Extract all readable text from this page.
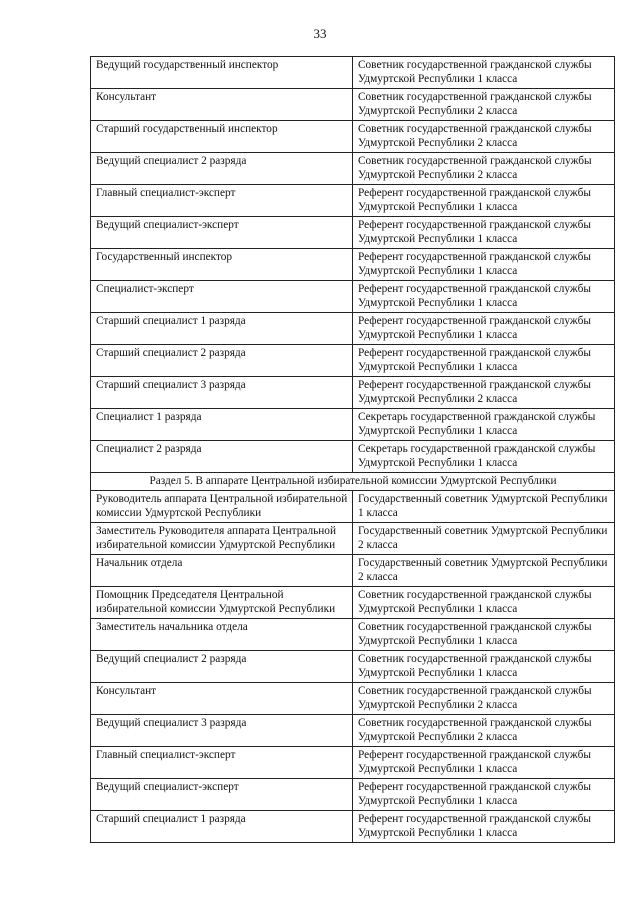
33
Ведущий государственный инспектор	Советник государственной гражданской службы Удмуртской Республики 1 класса
Консультант	Советник государственной гражданской службы Удмуртской Республики 2 класса
Старший государственный инспектор	Советник государственной гражданской службы Удмуртской Республики 2 класса
Ведущий специалист 2 разряда	Советник государственной гражданской службы Удмуртской Республики 2 класса
Главный специалист-эксперт	Референт государственной гражданской службы Удмуртской Республики 1 класса
Ведущий специалист-эксперт	Референт государственной гражданской службы Удмуртской Республики 1 класса
Государственный инспектор	Референт государственной гражданской службы Удмуртской Республики 1 класса
Специалист-эксперт	Референт государственной гражданской службы Удмуртской Республики 1 класса
Старший специалист 1 разряда	Референт государственной гражданской службы Удмуртской Республики 1 класса
Старший специалист 2 разряда	Референт государственной гражданской службы Удмуртской Республики 1 класса
Старший специалист 3 разряда	Референт государственной гражданской службы Удмуртской Республики 2 класса
Специалист 1 разряда	Секретарь государственной гражданской службы Удмуртской Республики 1 класса
Специалист 2 разряда	Секретарь государственной гражданской службы Удмуртской Республики 1 класса
Раздел 5. В аппарате Центральной избирательной комиссии Удмуртской Республики	
Руководитель аппарата Центральной избирательной комиссии Удмуртской Республики	Государственный советник Удмуртской Республики 1 класса
Заместитель Руководителя аппарата Центральной избирательной комиссии Удмуртской Республики	Государственный советник Удмуртской Республики 2 класса
Начальник отдела	Государственный советник Удмуртской Республики 2 класса
Помощник Председателя Центральной избирательной комиссии Удмуртской Республики	Советник государственной гражданской службы Удмуртской Республики 1 класса
Заместитель начальника отдела	Советник государственной гражданской службы Удмуртской Республики 1 класса
Ведущий специалист 2 разряда	Советник государственной гражданской службы Удмуртской Республики 1 класса
Консультант	Советник государственной гражданской службы Удмуртской Республики 2 класса
Ведущий специалист 3 разряда	Советник государственной гражданской службы Удмуртской Республики 2 класса
Главный специалист-эксперт	Референт государственной гражданской службы Удмуртской Республики 1 класса
Ведущий специалист-эксперт	Референт государственной гражданской службы Удмуртской Республики 1 класса
Старший специалист 1 разряда	Референт государственной гражданской службы Удмуртской Республики 1 класса
